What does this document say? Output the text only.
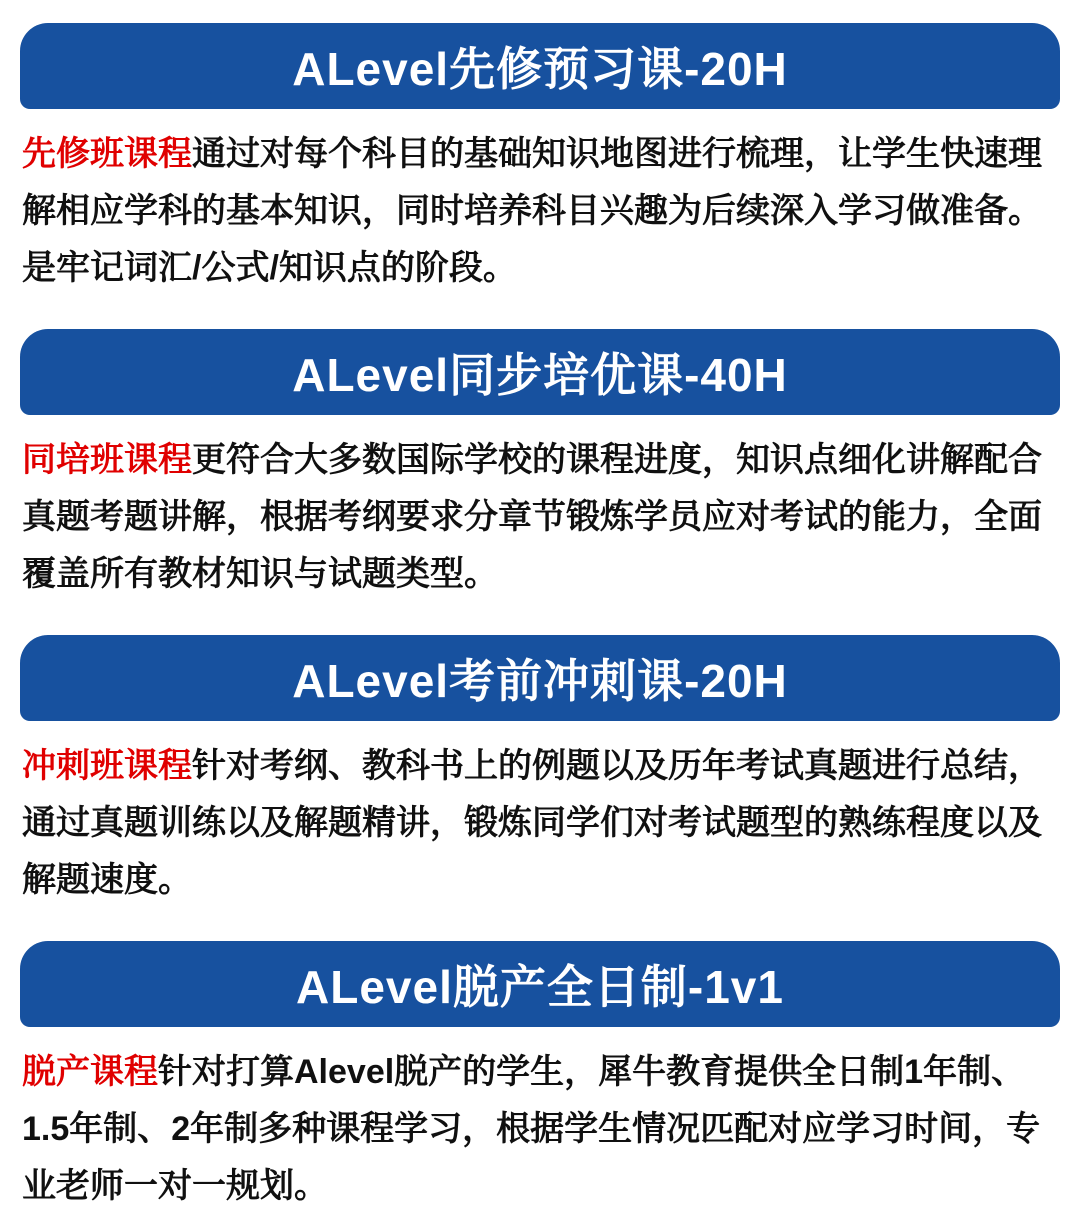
ALevel先修预习课-20H

先修班课程通过对每个科目的基础知识地图进行梳理，让学生快速理解相应学科的基本知识，同时培养科目兴趣为后续深入学习做准备。是牢记词汇/公式/知识点的阶段。

ALevel同步培优课-40H

同培班课程更符合大多数国际学校的课程进度，知识点细化讲解配合真题考题讲解，根据考纲要求分章节锻炼学员应对考试的能力，全面覆盖所有教材知识与试题类型。

ALevel考前冲刺课-20H

冲刺班课程针对考纲、教科书上的例题以及历年考试真题进行总结，通过真题训练以及解题精讲，锻炼同学们对考试题型的熟练程度以及解题速度。

ALevel脱产全日制-1v1

脱产课程针对打算Alevel脱产的学生，犀牛教育提供全日制1年制、1.5年制、2年制多种课程学习，根据学生情况匹配对应学习时间，专业老师一对一规划。
